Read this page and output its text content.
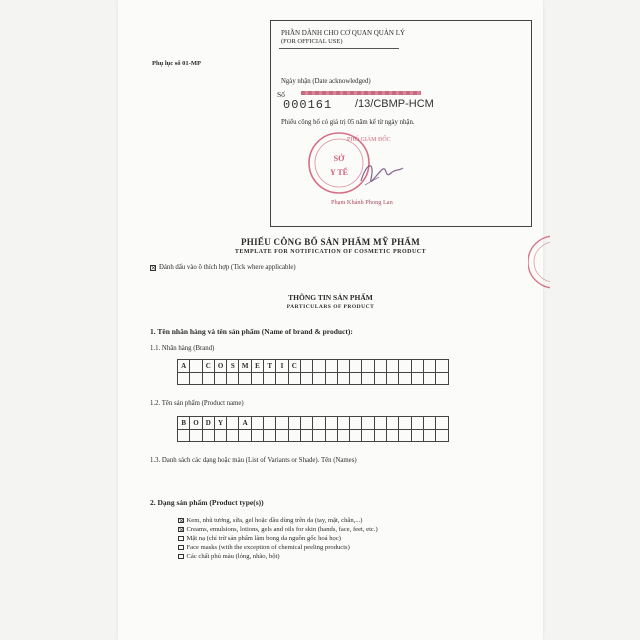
Phụ lục số 01-MP
PHẦN DÀNH CHO CƠ QUAN QUẢN LÝ
(FOR OFFICIAL USE)
Ngày nhận (Date acknowledged)
Số
000161 /13/CBMP-HCM
Phiếu công bố có giá trị 05 năm kể từ ngày nhận.
PHÓ GIÁM ĐỐC
SỞ
Y TẾ
Phạm Khánh Phong Lan
PHIẾU CÔNG BỐ SẢN PHẨM MỸ PHẨM
TEMPLATE FOR NOTIFICATION OF COSMETIC PRODUCT
×
Đánh dấu vào ô thích hợp (Tick where applicable)
THÔNG TIN SẢN PHẨM
PARTICULARS OF PRODUCT
1. Tên nhãn hàng và tên sản phẩm (Name of brand & product):
1.1. Nhãn hàng (Brand)
A		C	O	S	M	E	T	I	C												

1.2. Tên sản phẩm (Product name)
B	O	D	Y		A																

1.3. Danh sách các dạng hoặc màu (List of Variants or Shade). Tên (Names)
2. Dạng sản phẩm (Product type(s))
×
Kem, nhũ tương, sữa, gel hoặc dầu dùng trên da (tay, mặt, chân,...)
×
Creams, emulsions, lotions, gels and oils for skin (hands, face, feet, etc.)
Mặt nạ (chỉ trừ sản phẩm làm bong da nguồn gốc hoá học)
Face masks (with the exception of chemical peeling products)
Các chất phủ màu (lỏng, nhão, bột)
